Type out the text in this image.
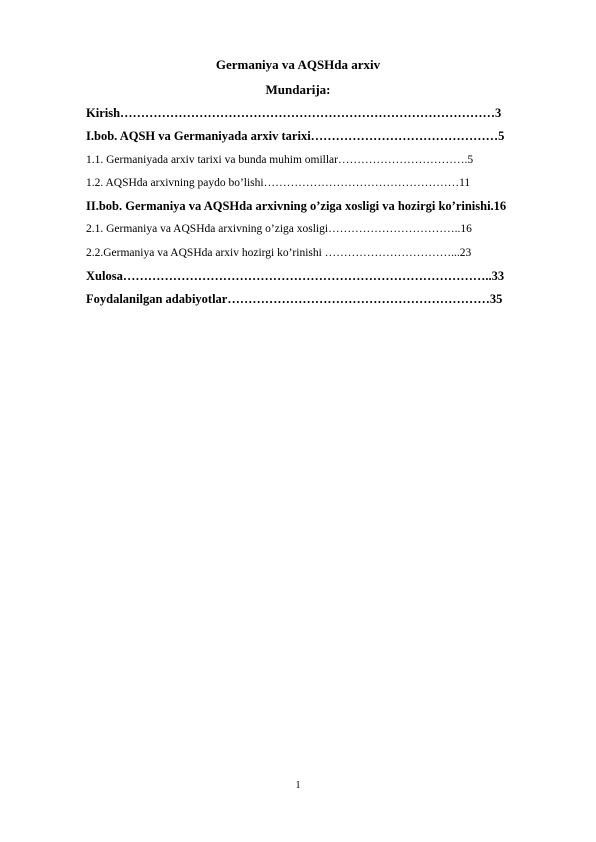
Germaniya va AQSHda arxiv
Mundarija:
Kirish………………………………………………………………………………3
I.bob. AQSH va Germaniyada arxiv tarixi………………………………………5
1.1. Germaniyada arxiv tarixi va bunda muhim omillar…………………………….5
1.2. AQSHda arxivning paydo bo’lishi……………………………………………11
II.bob. Germaniya va AQSHda arxivning o’ziga xosligi va hozirgi ko’rinishi.16
2.1. Germaniya va AQSHda arxivning o’ziga xosligi……………………………..16
2.2.Germaniya va AQSHda arxiv hozirgi ko’rinishi ……………………………...23
Xulosa……………………………………………………………………………..33
Foydalanilgan adabiyotlar………………………………………………………35
1
